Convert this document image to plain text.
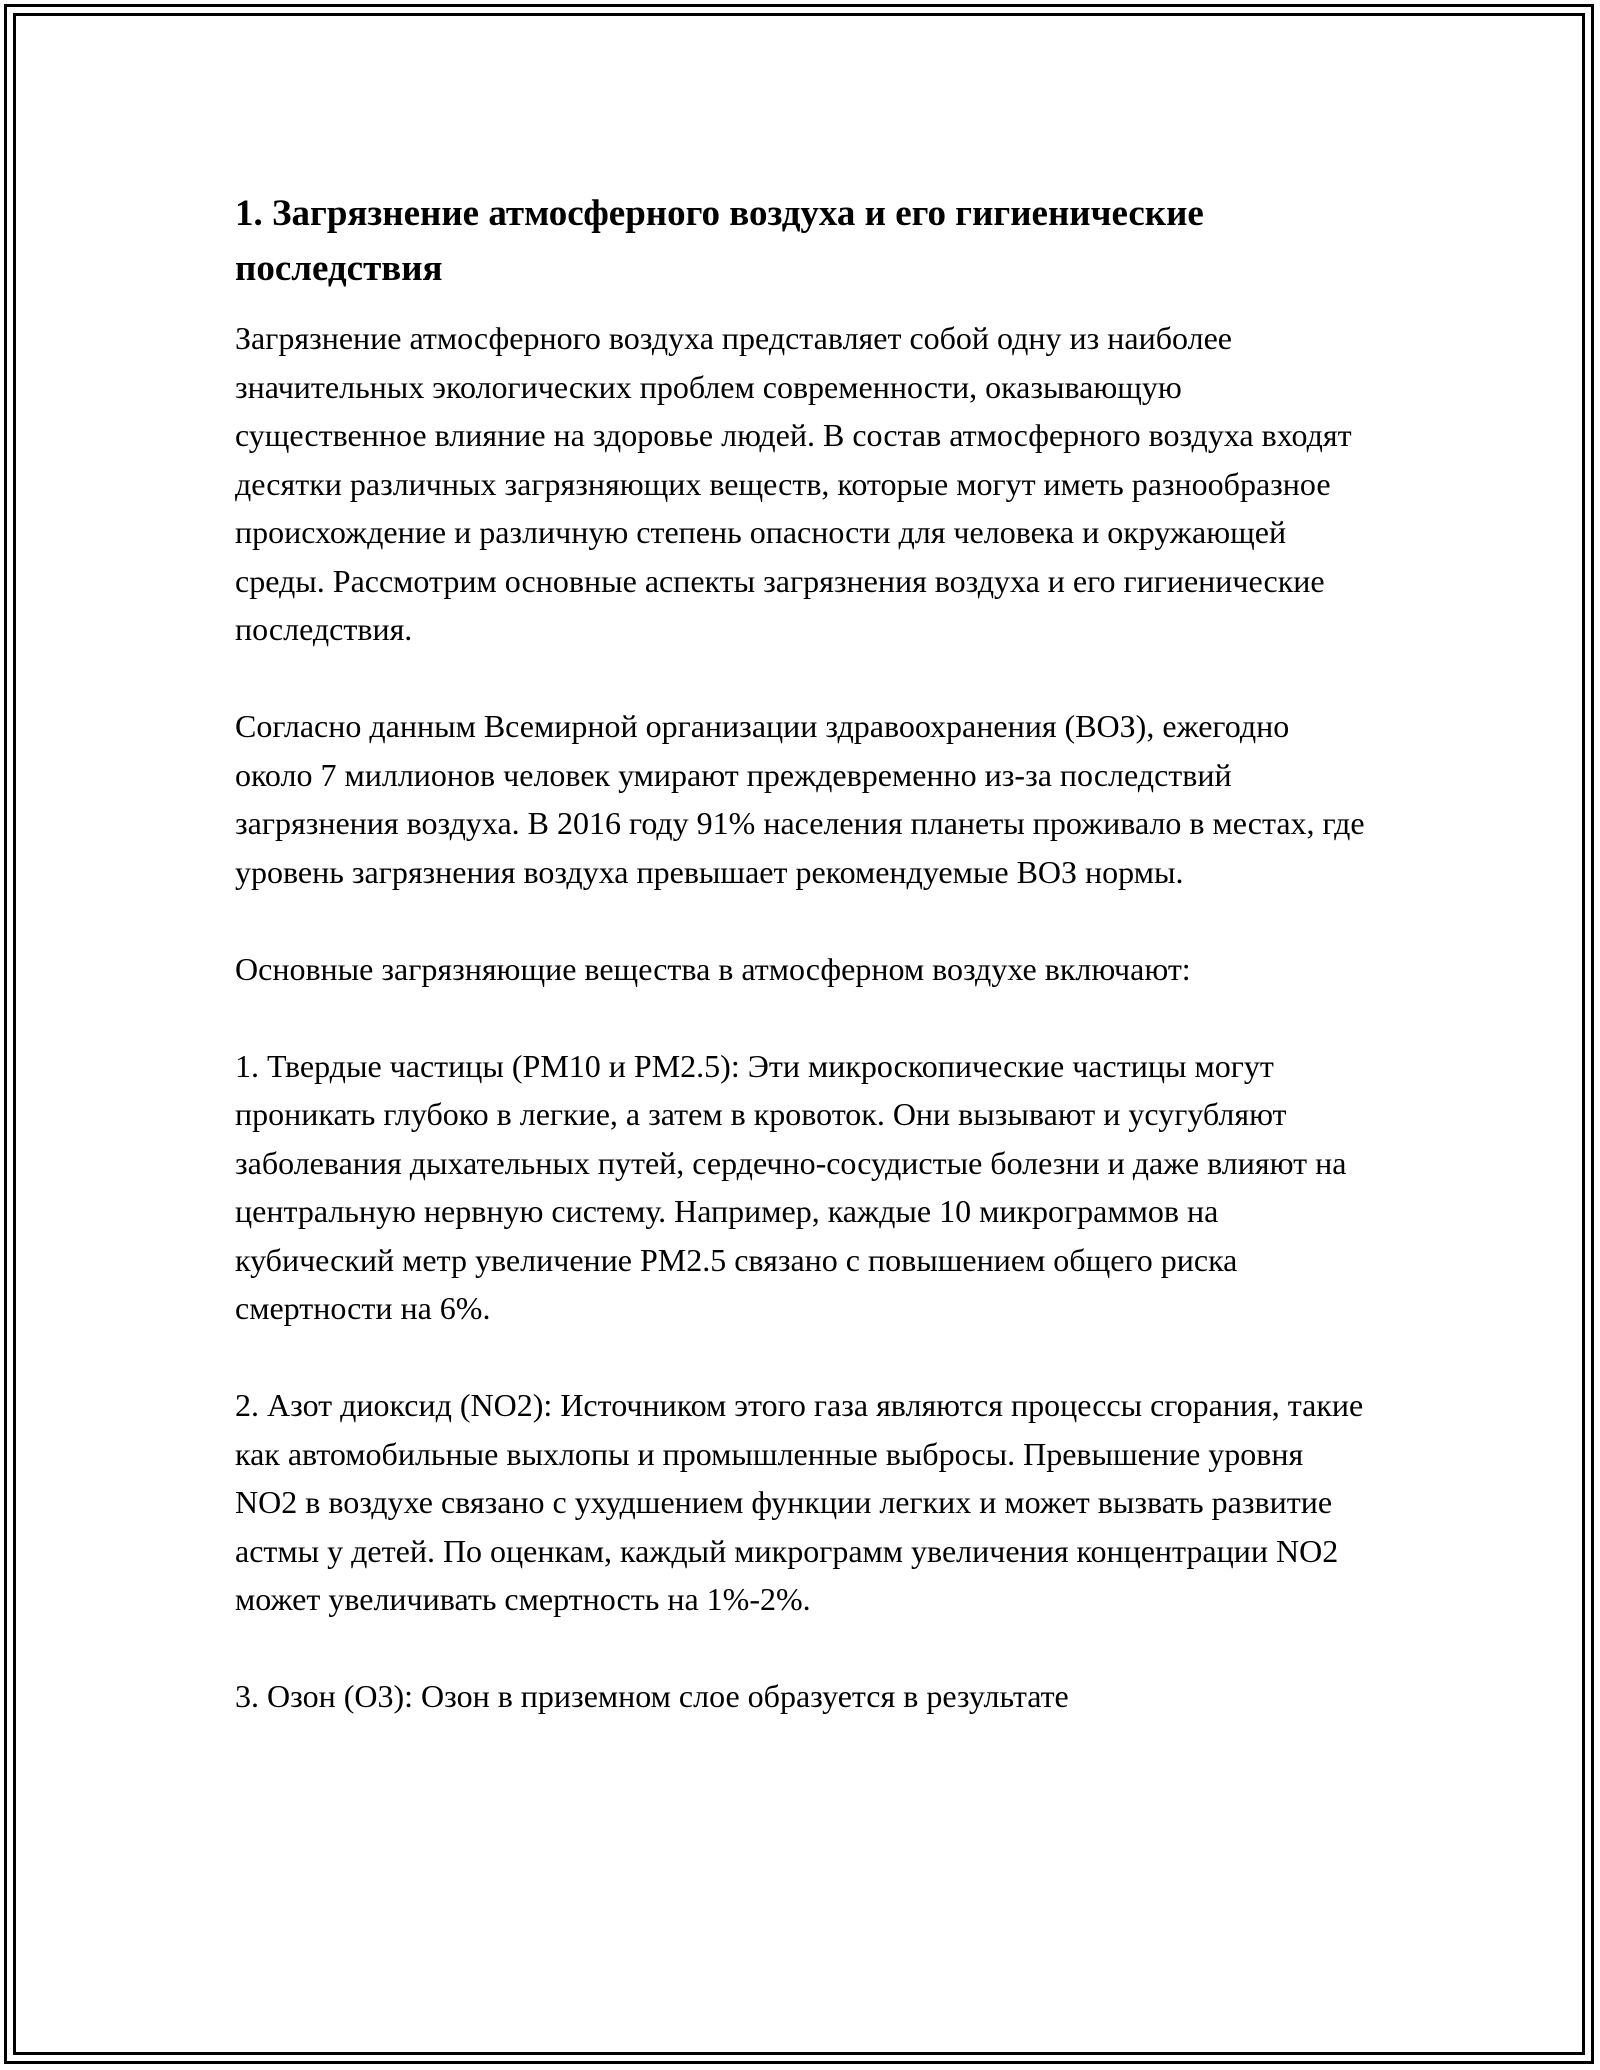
1. Загрязнение атмосферного воздуха и его гигиенические последствия

Загрязнение атмосферного воздуха представляет собой одну из наиболее значительных экологических проблем современности, оказывающую существенное влияние на здоровье людей. В состав атмосферного воздуха входят десятки различных загрязняющих веществ, которые могут иметь разнообразное происхождение и различную степень опасности для человека и окружающей среды. Рассмотрим основные аспекты загрязнения воздуха и его гигиенические последствия.

Согласно данным Всемирной организации здравоохранения (ВОЗ), ежегодно около 7 миллионов человек умирают преждевременно из-за последствий загрязнения воздуха. В 2016 году 91% населения планеты проживало в местах, где уровень загрязнения воздуха превышает рекомендуемые ВОЗ нормы.

Основные загрязняющие вещества в атмосферном воздухе включают:

1. Твердые частицы (PM10 и PM2.5): Эти микроскопические частицы могут проникать глубоко в легкие, а затем в кровоток. Они вызывают и усугубляют заболевания дыхательных путей, сердечно-сосудистые болезни и даже влияют на центральную нервную систему. Например, каждые 10 микрограммов на кубический метр увеличение PM2.5 связано с повышением общего риска смертности на 6%.

2. Азот диоксид (NO2): Источником этого газа являются процессы сгорания, такие как автомобильные выхлопы и промышленные выбросы. Превышение уровня NO2 в воздухе связано с ухудшением функции легких и может вызвать развитие астмы у детей. По оценкам, каждый микрограмм увеличения концентрации NO2 может увеличивать смертность на 1%-2%.

3. Озон (O3): Озон в приземном слое образуется в результате
